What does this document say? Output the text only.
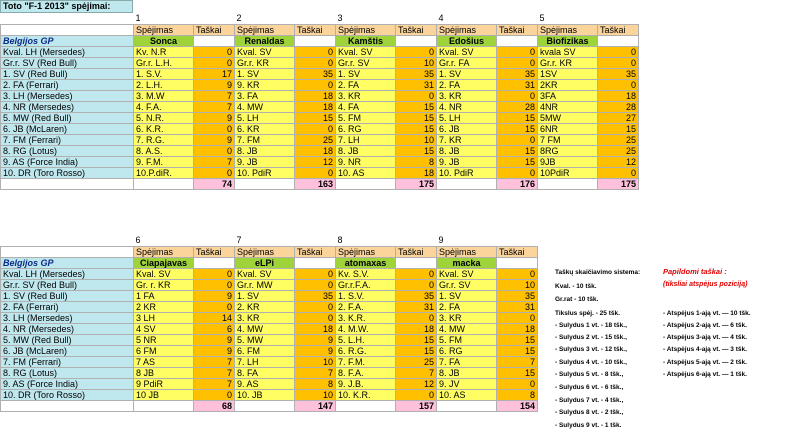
Toto "F-1 2013" spėjimai:
	1		2		3		4		5	
	Spėjimas	Taškai	Spėjimas	Taškai	Spėjimas	Taškai	Spėjimas	Taškai	Spėjimas	Taškai
Belgijos GP	Sonca		Renaldas		Kamštis		Edošius		Biofizikas	
Kval. LH (Mersedes)	Kv. N.R	0	Kval. SV	0	Kval. SV	0	Kval. SV	0	kvala SV	0
Gr.r. SV (Red Bull)	Gr.r. L.H.	0	Gr.r. KR	0	Gr.r. SV	10	Gr.r. FA	0	Gr.r. KR	0
1. SV (Red Bull)	1. S.V.	17	1. SV	35	1. SV	35	1. SV	35	1SV	35
2. FA (Ferrari)	2. L.H.	9	9. KR	0	2. FA	31	2. FA	31	2KR	0
3. LH (Mersedes)	3. M.W	7	3. FA	18	3. KR	0	3. KR	0	3FA	18
4. NR (Mersedes)	4. F.A.	7	4. MW	18	4. FA	15	4. NR	28	4NR	28
5. MW (Red Bull)	5. N.R.	9	5. LH	15	5. FM	15	5. LH	15	5MW	27
6. JB (McLaren)	6. K.R.	0	6. KR	0	6. RG	15	6. JB	15	6NR	15
7. FM (Ferrari)	7. R.G.	9	7. FM	25	7. LH	10	7. KR	0	7 FM	25
8. RG (Lotus)	8. A.S.	0	8. JB	18	8. JB	15	8. JB	15	8RG	25
9. AS (Force India)	9. F.M.	7	9. JB	12	9. NR	8	9. JB	15	9JB	12
10. DR (Toro Rosso)	10.P.diR.	0	10. PdiR	0	10. AS	18	10. PdiR	0	10PdiR	0
		74		163		175		176		175
	6		7		8		9	
	Spėjimas	Taškai	Spėjimas	Taškai	Spėjimas	Taškai	Spėjimas	Taškai
Belgijos GP	Ciapajavas		eLPi		atomaxas		macka	
Kval. LH (Mersedes)	Kval. SV	0	Kval. SV	0	Kv. S.V.	0	Kval. SV	0
Gr.r. SV (Red Bull)	Gr. r. KR	0	Gr.r. MW	0	Gr.r.F.A.	0	Gr.r. SV	10
1. SV (Red Bull)	1 FA	9	1. SV	35	1. S.V.	35	1. SV	35
2. FA (Ferrari)	2 KR	0	2. KR	0	2. F.A.	31	2. FA	31
3. LH (Mersedes)	3 LH	14	3. KR	0	3. K.R.	0	3. KR	0
4. NR (Mersedes)	4 SV	6	4. MW	18	4. M.W.	18	4. MW	18
5. MW (Red Bull)	5 NR	9	5. MW	9	5. L.H.	15	5. FM	15
6. JB (McLaren)	6 FM	9	6. FM	9	6. R.G.	15	6. RG	15
7. FM (Ferrari)	7 AS	7	7. LH	10	7. F.M.	25	7. FA	7
8. RG (Lotus)	8 JB	7	8. FA	7	8. F.A.	7	8. JB	15
9. AS (Force India)	9 PdiR	7	9. AS	8	9. J.B.	12	9. JV	0
10. DR (Toro Rosso)	10 JB	0	10. JB	10	10. K.R.	0	10. AS	8
		68		147		157		154
Taškų skaičiavimo sistema:
Kval. - 10 tšk.
Gr.rat - 10 tšk.
Tikslus spėj. - 25 tšk.
- Sulydus 1 vt. - 18 tšk.,
- Sulydus 2 vt. - 15 tšk.,
- Sulydus 3 vt. - 12 tšk.,
- Sulydus 4 vt. - 10 tšk.,
- Sulydus 5 vt. - 8 tšk.,
- Sulydus 6 vt. - 6 tšk.,
- Sulydus 7 vt. - 4 tšk.,
- Sulydus 8 vt. - 2 tšk.,
- Sulydus 9 vt. - 1 tšk.
Papildomi taškai :
(tiksliai atspėjus poziciją)
- Atspėjus 1-ają vt. — 10 tšk.
- Atspėjus 2-ają vt. — 6 tšk.
- Atspėjus 3-ają vt. — 4 tšk.
- Atspėjus 4-ają vt. — 3 tšk.
- Atspėjus 5-ają vt. — 2 tšk.
- Atspėjus 6-ają vt. — 1 tšk.
